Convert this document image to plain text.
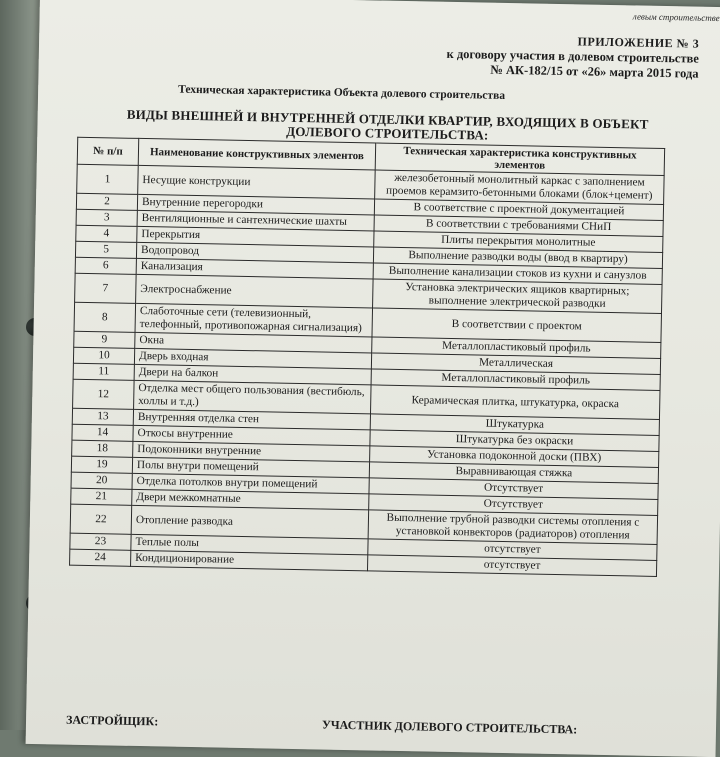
левым строительстве
ПРИЛОЖЕНИЕ № 3
к договору участия в долевом строительстве
№ АК-182/15 от «26» марта 2015 года
Техническая характеристика Объекта долевого строительства
ВИДЫ ВНЕШНЕЙ И ВНУТРЕННЕЙ ОТДЕЛКИ КВАРТИР, ВХОДЯЩИХ В ОБЪЕКТ ДОЛЕВОГО СТРОИТЕЛЬСТВА:
№ п/п	Наименование конструктивных элементов	Техническая характеристика конструктивных элементов
1	Несущие конструкции	железобетонный монолитный каркас с заполнением проемов керамзито-бетонными блоками (блок+цемент)
2	Внутренние перегородки	В соответствие с проектной документацией
3	Вентиляционные и сантехнические шахты	В соответствии с требованиями СНиП
4	Перекрытия	Плиты перекрытия монолитные
5	Водопровод	Выполнение разводки воды (ввод в квартиру)
6	Канализация	Выполнение канализации стоков из кухни и санузлов
7	Электроснабжение	Установка электрических ящиков квартирных; выполнение электрической разводки
8	Слаботочные сети (телевизионный, телефонный, противопожарная сигнализация)	В соответствии с проектом
9	Окна	Металлопластиковый профиль
10	Дверь входная	Металлическая
11	Двери на балкон	Металлопластиковый профиль
12	Отделка мест общего пользования (вестибюль, холлы и т.д.)	Керамическая плитка, штукатурка, окраска
13	Внутренняя отделка стен	Штукатурка
14	Откосы внутренние	Штукатурка без окраски
18	Подоконники внутренние	Установка подоконной доски (ПВХ)
19	Полы внутри помещений	Выравнивающая стяжка
20	Отделка потолков внутри помещений	Отсутствует
21	Двери межкомнатные	Отсутствует
22	Отопление разводка	Выполнение трубной разводки системы отопления с установкой конвекторов (радиаторов) отопления
23	Теплые полы	отсутствует
24	Кондиционирование	отсутствует
ЗАСТРОЙЩИК:	УЧАСТНИК ДОЛЕВОГО СТРОИТЕЛЬСТВА:
